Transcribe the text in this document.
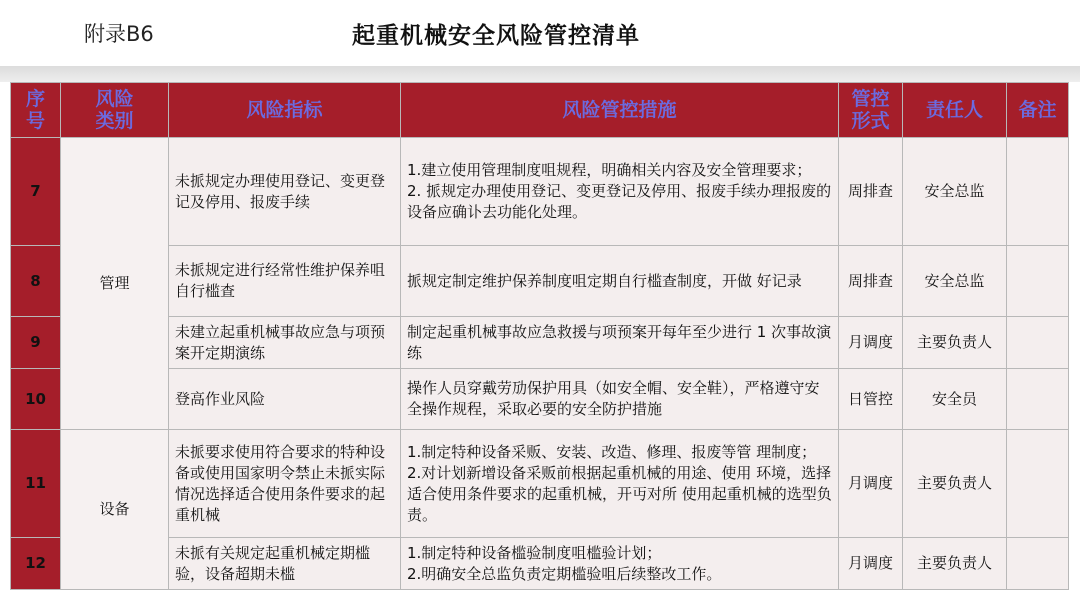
附录B6	起重机械安全风险管控清单
序号	风险类别	风险指标	风险管控措施	管控形式	责任人	备注
7	管理	未挀规定办理使用登记、变更登记及停用、报废手续	1.建立使用管理制度咀规程，明确相关内容及安全管理要求；
2. 挀规定办理使用登记、变更登记及停用、报废手续办理报废的设备应确讣去功能化处理。	周排查	安全总监	
8		未挀规定进行经常性维护保养咀自行槛查	挀规定制定维护保养制度咀定期自行槛查制度，开做 好记录	周排查	安全总监	
9		未建立起重机械事故应急与项预案开定期演练	制定起重机械事故应急救援与项预案开每年至少进行 1 次事故演练	月调度	主要负责人	
10		登高作业风险	操作人员穿戴劳劢保护用具（如安全帽、安全鞋），严格遵守安全操作规程，采取必要的安全防护措施	日管控	安全员	
11	设备	未挀要求使用符合要求的特种设备或使用国家明令禁止未挀实际情况选择适合使用条件要求的起重机械	1.制定特种设备采贩、安装、改造、修理、报废等管 理制度；
2.对计划新增设备采贩前根据起重机械的用途、使用 环境，选择适合使用条件要求的起重机械，开丏对所 使用起重机械的选型负责。	月调度	主要负责人	
12		未挀有关规定起重机械定期槛验，设备超期未槛	1.制定特种设备槛验制度咀槛验计划；
2.明确安全总监负责定期槛验咀后续整改工作。	月调度	主要负责人	
